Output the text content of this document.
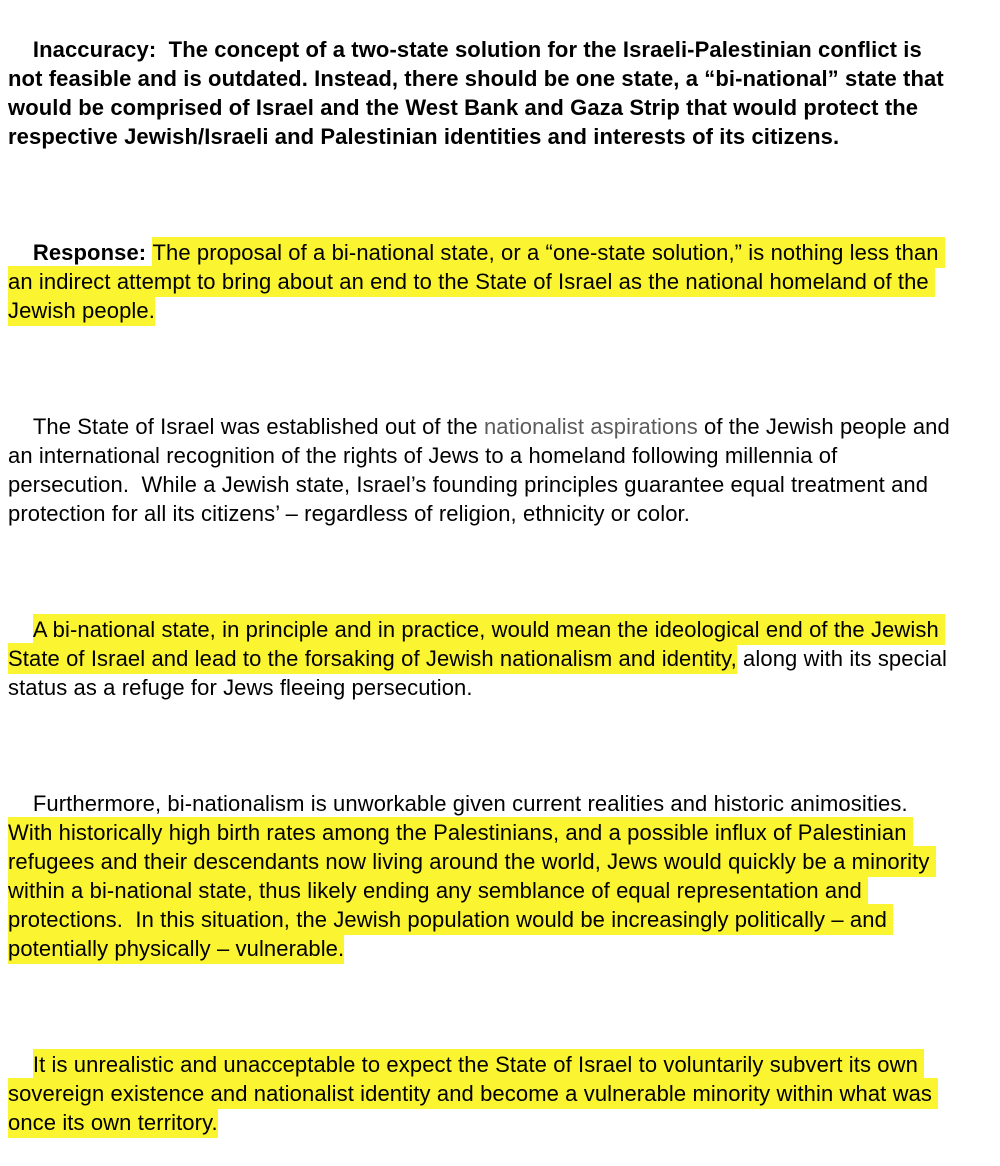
Inaccuracy:  The concept of a two-state solution for the Israeli-Palestinian conflict is not feasible and is outdated. Instead, there should be one state, a “bi-national” state that would be comprised of Israel and the West Bank and Gaza Strip that would protect the respective Jewish/Israeli and Palestinian identities and interests of its citizens.

Response: The proposal of a bi-national state, or a “one-state solution,” is nothing less than an indirect attempt to bring about an end to the State of Israel as the national homeland of the Jewish people.

The State of Israel was established out of the nationalist aspirations of the Jewish people and an international recognition of the rights of Jews to a homeland following millennia of persecution.  While a Jewish state, Israel’s founding principles guarantee equal treatment and protection for all its citizens’ – regardless of religion, ethnicity or color.

A bi-national state, in principle and in practice, would mean the ideological end of the Jewish State of Israel and lead to the forsaking of Jewish nationalism and identity, along with its special status as a refuge for Jews fleeing persecution.

Furthermore, bi-nationalism is unworkable given current realities and historic animosities.  With historically high birth rates among the Palestinians, and a possible influx of Palestinian refugees and their descendants now living around the world, Jews would quickly be a minority within a bi-national state, thus likely ending any semblance of equal representation and protections.  In this situation, the Jewish population would be increasingly politically – and potentially physically – vulnerable.

It is unrealistic and unacceptable to expect the State of Israel to voluntarily subvert its own sovereign existence and nationalist identity and become a vulnerable minority within what was once its own territory.
